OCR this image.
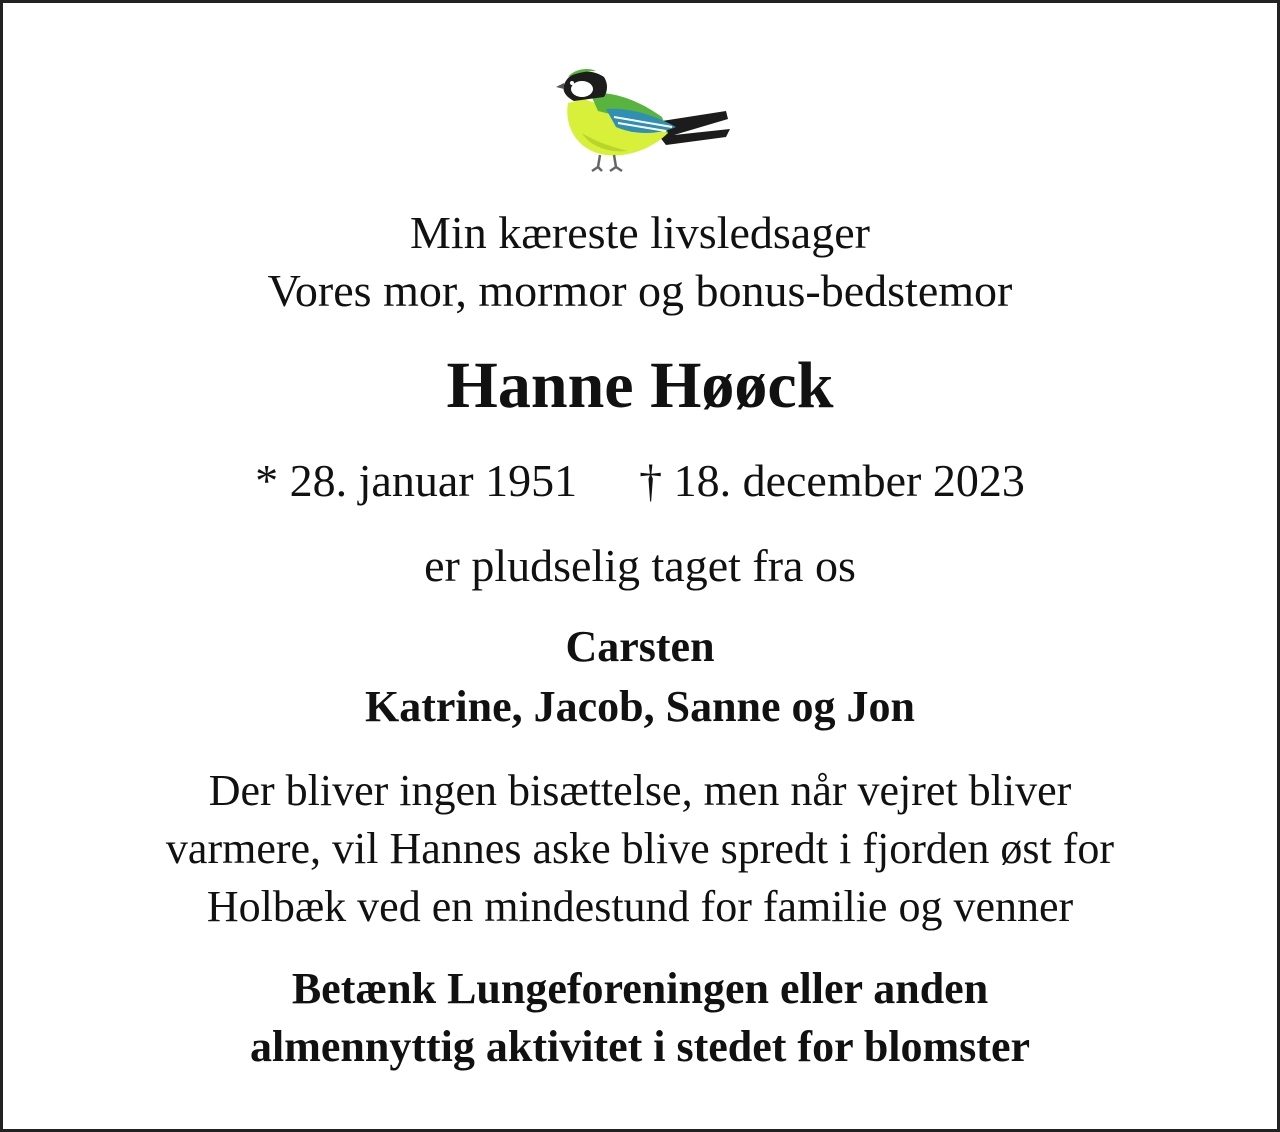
Min kæreste livsledsager
Vores mor, mormor og bonus-bedstemor
Hanne Høøck
* 28. januar 1951 † 18. december 2023
er pludselig taget fra os
Carsten
Katrine, Jacob, Sanne og Jon
Der bliver ingen bisættelse, men når vejret bliver
varmere, vil Hannes aske blive spredt i fjorden øst for
Holbæk ved en mindestund for familie og venner
Betænk Lungeforeningen eller anden
almennyttig aktivitet i stedet for blomster
